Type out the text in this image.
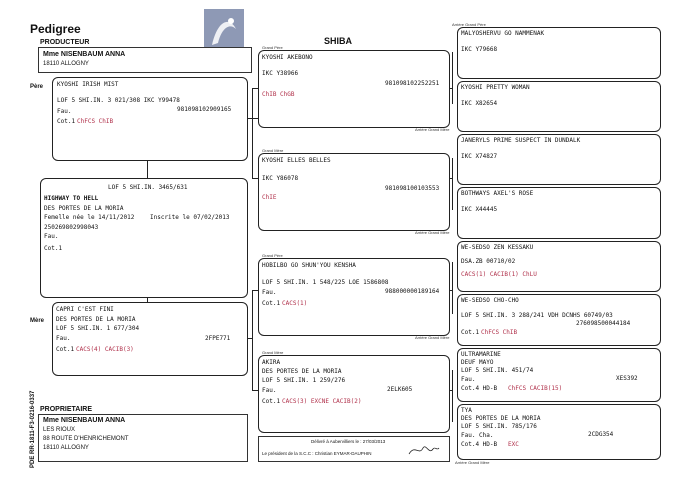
Pedigree
SHIBA
PRODUCTEUR
Mme NISENBAUM ANNA
18110 ALLOGNY
Père KYOSHI IRISH MIST
LOF 5 SHI.IN. 3 021/308 IKC Y99478
Fau.	981098102909165
Cot.1 ChFCS ChIB
LOF 5 SHI.IN. 3465/631
HIGHWAY TO HELL
DES PORTES DE LA MORIA
Femelle née le 14/11/2012	Inscrite le 07/02/2013
250269802998043
Fau.
Cot.1
Mère
CAPRI C'EST FINI
DES PORTES DE LA MORIA
LOF 5 SHI.IN. 1 677/304
Fau.	2FPE771
Cot.1 CACS(4) CACIB(3)
PDE RR-1811-F3-0216-0337 PROPRIETAIRE
Mme NISENBAUM ANNA
LES RIOUX
88 ROUTE D'HENRICHEMONT
18110 ALLOGNY
Grand Père
KYOSHI AKEBONO
IKC Y38966
981098102252251
ChIB ChGB
Grand Mère
KYOSHI ELLES BELLES
IKC Y86078
981098100103553
ChIE
Grand Père
HOBILBO GO SHUN'YOU KENSHA
LOF 5 SHI.IN. 1 548/225 LOE 1586808
Fau.	988000000189164
Cot.1 CACS(1)
Grand Mère
AKIRA
DES PORTES DE LA MORIA
LOF 5 SHI.IN. 1 259/276
Fau.	2ELK605
Cot.1 CACS(3) EXCNE CACIB(2)
Arrière Grand Mère
Arrière Grand Mère
Arrière Grand Mère
Arrière Grand Père
MALYOSHERVU GO NAMMENAK
IKC Y79668
KYOSHI PRETTY WOMAN
IKC X82654
JANERYLS PRIME SUSPECT IN DUNDALK
IKC X74827
BOTHWAYS AXEL'S ROSE
IKC X44445
WE-SEDSO ZEN KESSAKU
DSA.ZB 00710/02
CACS(1) CACIB(1) ChLU
WE-SEDSO CHO-CHO
LOF 5 SHI.IN. 3 288/241 VDH DCNHS 60749/03
276098500044184
Cot.1 ChFCS ChIB
ULTRAMARINE
DEUF MAYO
LOF 5 SHI.IN. 451/74
Fau.	XES392
Cot.4 HD-B ChFCS CACIB(15)
TYA
DES PORTES DE LA MORIA
LOF 5 SHI.IN. 785/176
Fau. Cha.	2CDG354
Cot.4 HD-B EXC
Arrière Grand Mère
Délivré à Aubervilliers le : 27/03/2013
Le président de la S.C.C : Christian EYMAR-DAUPHIN
